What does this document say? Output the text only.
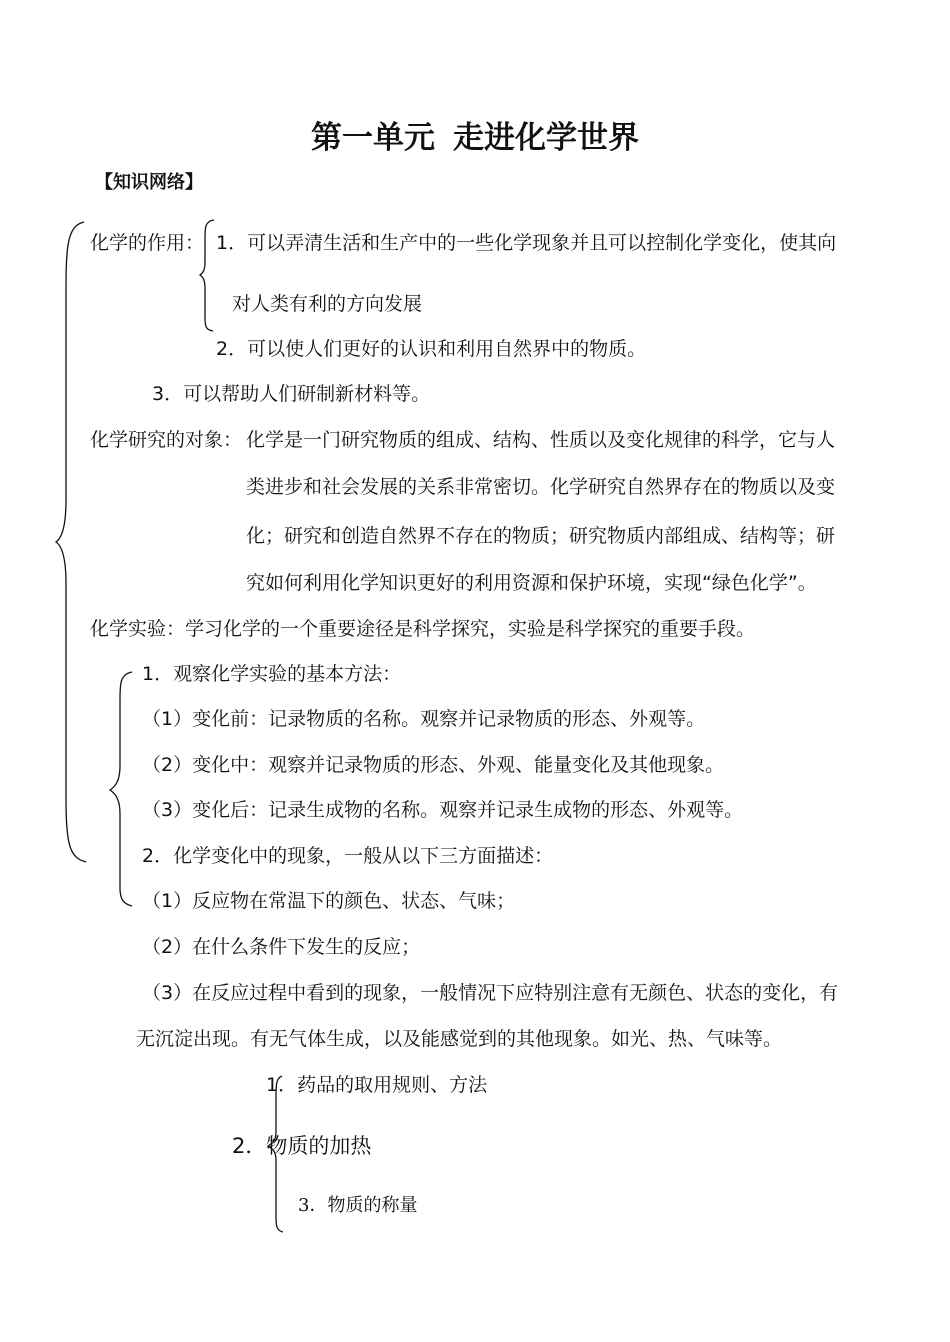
第一单元 走进化学世界
【知识网络】
化学的作用： 1．可以弄清生活和生产中的一些化学现象并且可以控制化学变化，使其向
对人类有利的方向发展
2．可以使人们更好的认识和利用自然界中的物质。
3．可以帮助人们研制新材料等。
化学研究的对象： 化学是一门研究物质的组成、结构、性质以及变化规律的科学，它与人
类进步和社会发展的关系非常密切。化学研究自然界存在的物质以及变
化；研究和创造自然界不存在的物质；研究物质内部组成、结构等；研
究如何利用化学知识更好的利用资源和保护环境，实现“绿色化学”。
化学实验：学习化学的一个重要途径是科学探究，实验是科学探究的重要手段。
1．观察化学实验的基本方法：
（1）变化前：记录物质的名称。观察并记录物质的形态、外观等。
（2）变化中：观察并记录物质的形态、外观、能量变化及其他现象。
（3）变化后：记录生成物的名称。观察并记录生成物的形态、外观等。
2．化学变化中的现象，一般从以下三方面描述：
（1）反应物在常温下的颜色、状态、气味；
（2）在什么条件下发生的反应；
（3）在反应过程中看到的现象，一般情况下应特别注意有无颜色、状态的变化，有
无沉淀出现。有无气体生成，以及能感觉到的其他现象。如光、热、气味等。
1．药品的取用规则、方法
2．物质的加热
3．物质的称量
